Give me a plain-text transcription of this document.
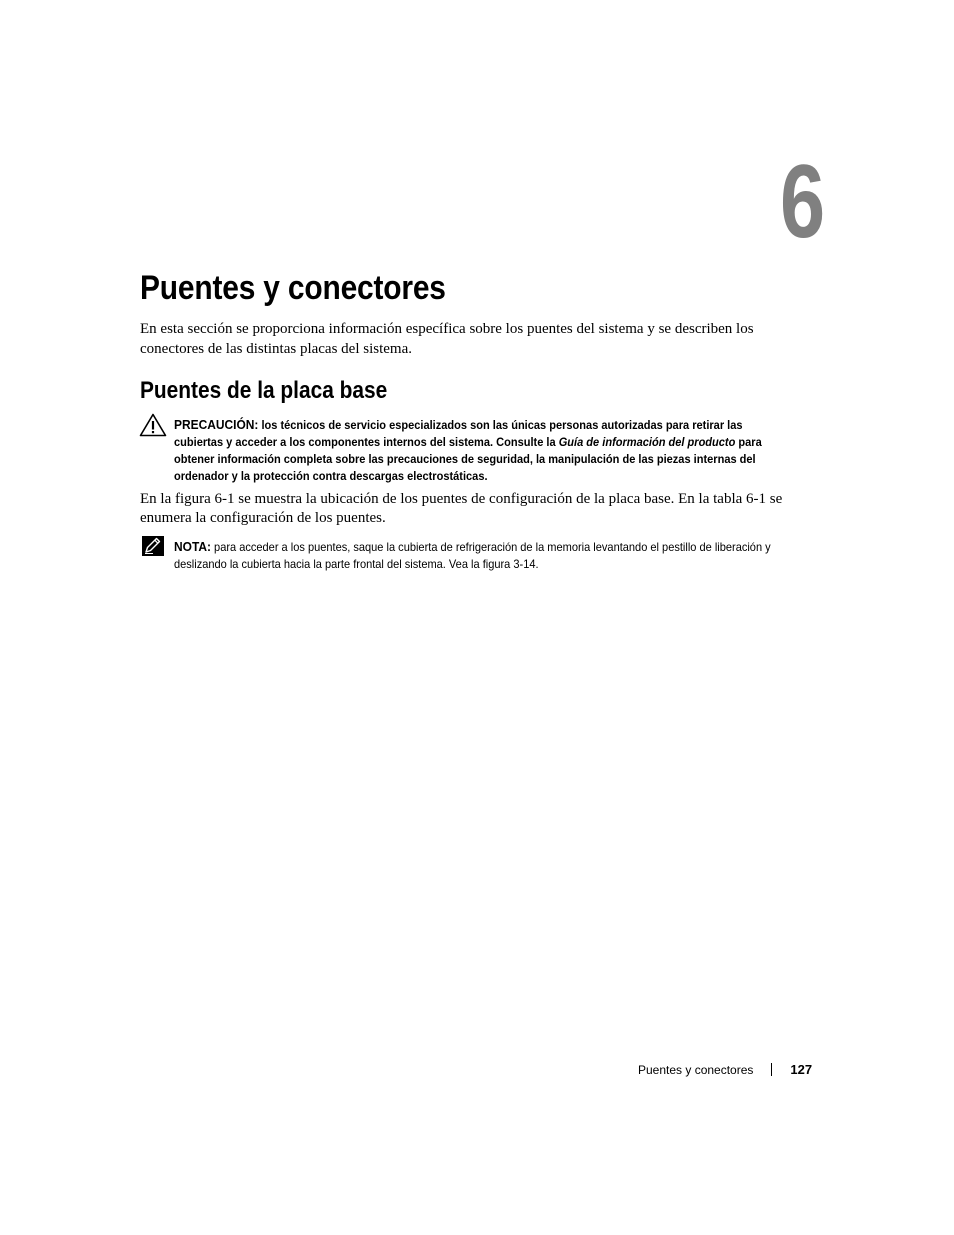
6
Puentes y conectores

En esta sección se proporciona información específica sobre los puentes del sistema y se describen los conectores de las distintas placas del sistema.

Puentes de la placa base

PRECAUCIÓN: los técnicos de servicio especializados son las únicas personas autorizadas para retirar las cubiertas y acceder a los componentes internos del sistema. Consulte la Guía de información del producto para obtener información completa sobre las precauciones de seguridad, la manipulación de las piezas internas del ordenador y la protección contra descargas electrostáticas.

En la figura 6-1 se muestra la ubicación de los puentes de configuración de la placa base. En la tabla 6-1 se enumera la configuración de los puentes.

NOTA: para acceder a los puentes, saque la cubierta de refrigeración de la memoria levantando el pestillo de liberación y deslizando la cubierta hacia la parte frontal del sistema. Vea la figura 3-14.

Puentes y conectores	127
